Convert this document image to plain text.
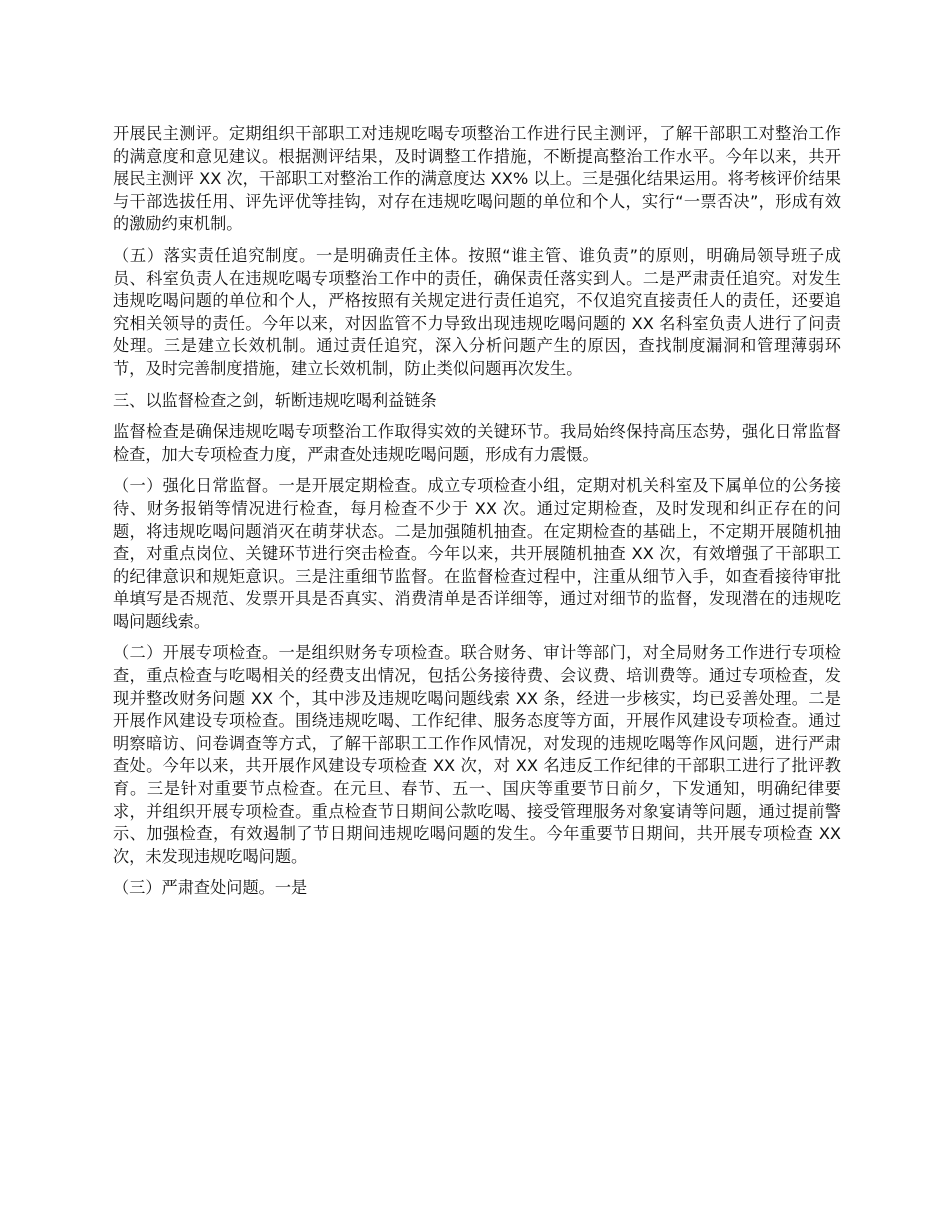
开展民主测评。定期组织干部职工对违规吃喝专项整治工作进行民主测评，了解干部职工对整治工作的满意度和意见建议。根据测评结果，及时调整工作措施，不断提高整治工作水平。今年以来，共开展民主测评 XX 次，干部职工对整治工作的满意度达 XX% 以上。三是强化结果运用。将考核评价结果与干部选拔任用、评先评优等挂钩，对存在违规吃喝问题的单位和个人，实行“一票否决”，形成有效的激励约束机制。

（五）落实责任追究制度。一是明确责任主体。按照“谁主管、谁负责”的原则，明确局领导班子成员、科室负责人在违规吃喝专项整治工作中的责任，确保责任落实到人。二是严肃责任追究。对发生违规吃喝问题的单位和个人，严格按照有关规定进行责任追究，不仅追究直接责任人的责任，还要追究相关领导的责任。今年以来，对因监管不力导致出现违规吃喝问题的 XX 名科室负责人进行了问责处理。三是建立长效机制。通过责任追究，深入分析问题产生的原因，查找制度漏洞和管理薄弱环节，及时完善制度措施，建立长效机制，防止类似问题再次发生。

三、以监督检查之剑，斩断违规吃喝利益链条

监督检查是确保违规吃喝专项整治工作取得实效的关键环节。我局始终保持高压态势，强化日常监督检查，加大专项检查力度，严肃查处违规吃喝问题，形成有力震慑。

（一）强化日常监督。一是开展定期检查。成立专项检查小组，定期对机关科室及下属单位的公务接待、财务报销等情况进行检查，每月检查不少于 XX 次。通过定期检查，及时发现和纠正存在的问题，将违规吃喝问题消灭在萌芽状态。二是加强随机抽查。在定期检查的基础上，不定期开展随机抽查，对重点岗位、关键环节进行突击检查。今年以来，共开展随机抽查 XX 次，有效增强了干部职工的纪律意识和规矩意识。三是注重细节监督。在监督检查过程中，注重从细节入手，如查看接待审批单填写是否规范、发票开具是否真实、消费清单是否详细等，通过对细节的监督，发现潜在的违规吃喝问题线索。

（二）开展专项检查。一是组织财务专项检查。联合财务、审计等部门，对全局财务工作进行专项检查，重点检查与吃喝相关的经费支出情况，包括公务接待费、会议费、培训费等。通过专项检查，发现并整改财务问题 XX 个，其中涉及违规吃喝问题线索 XX 条，经进一步核实，均已妥善处理。二是开展作风建设专项检查。围绕违规吃喝、工作纪律、服务态度等方面，开展作风建设专项检查。通过明察暗访、问卷调查等方式，了解干部职工工作作风情况，对发现的违规吃喝等作风问题，进行严肃查处。今年以来，共开展作风建设专项检查 XX 次，对 XX 名违反工作纪律的干部职工进行了批评教育。三是针对重要节点检查。在元旦、春节、五一、国庆等重要节日前夕，下发通知，明确纪律要求，并组织开展专项检查。重点检查节日期间公款吃喝、接受管理服务对象宴请等问题，通过提前警示、加强检查，有效遏制了节日期间违规吃喝问题的发生。今年重要节日期间，共开展专项检查 XX 次，未发现违规吃喝问题。

（三）严肃查处问题。一是
